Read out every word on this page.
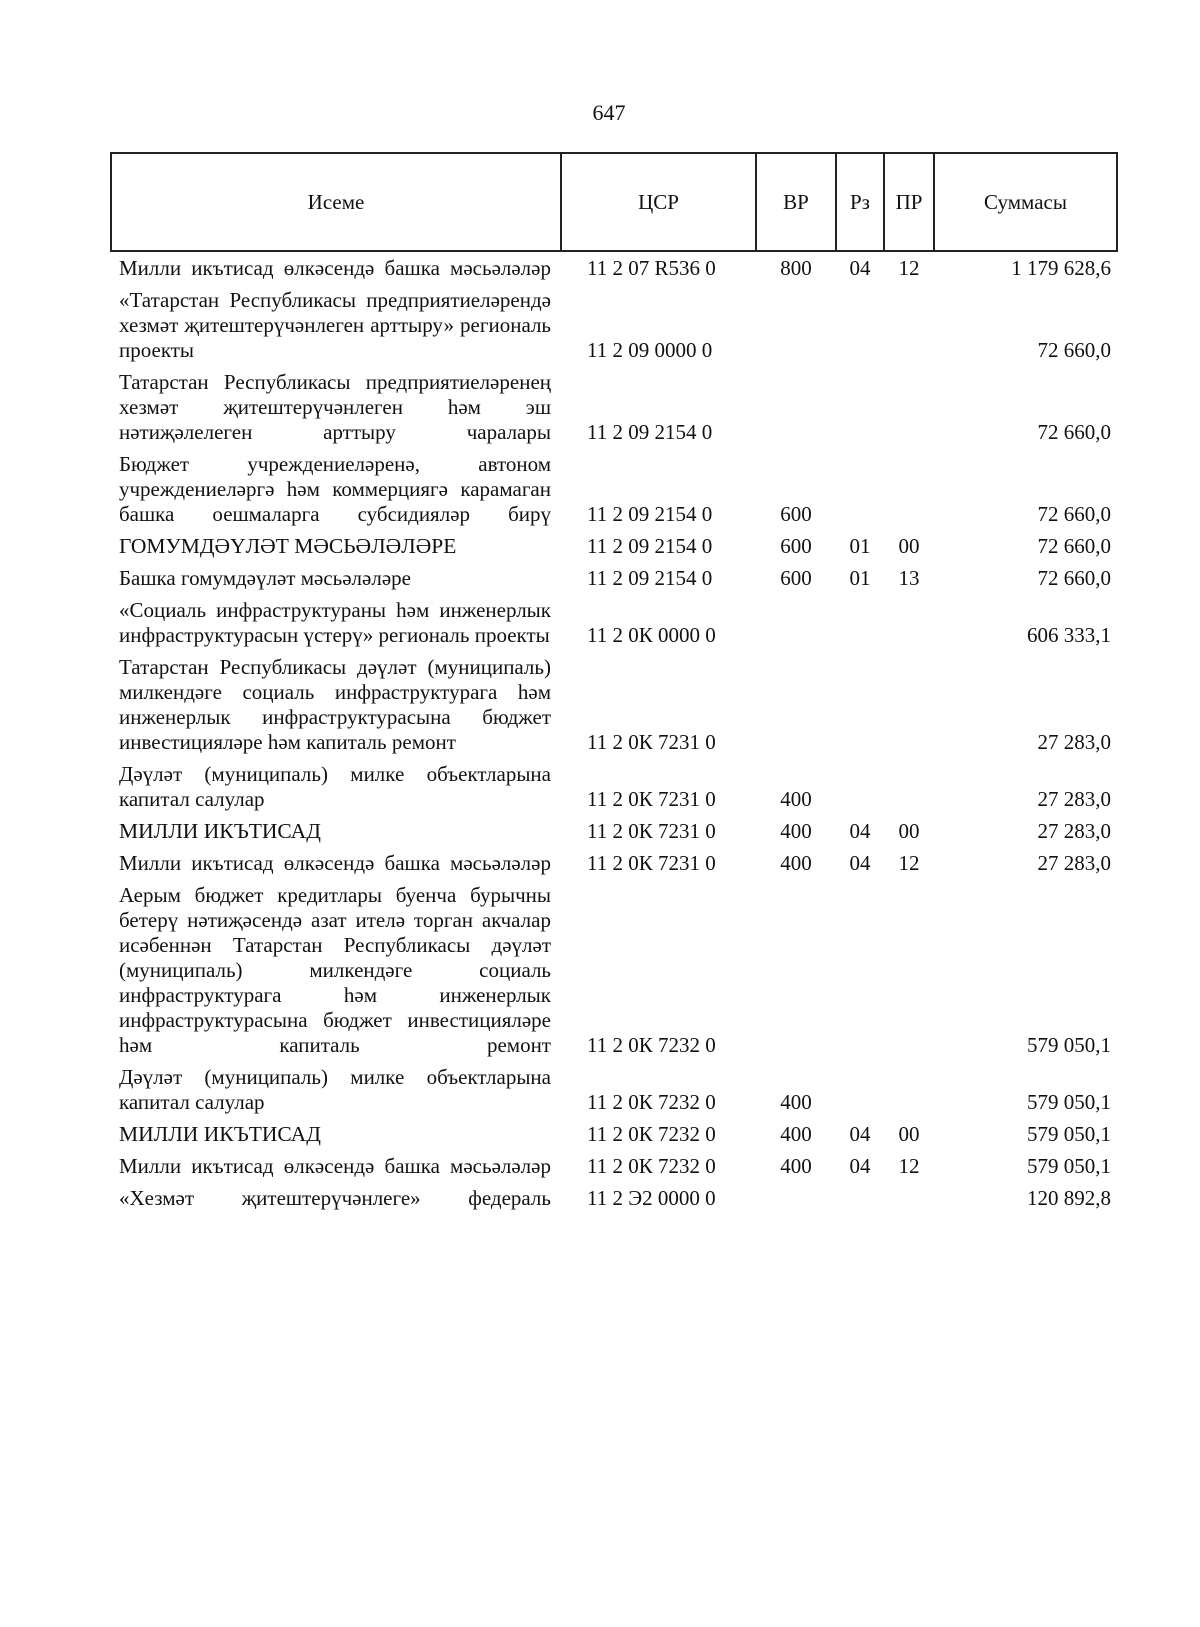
647
Исеме	ЦСР	ВР	Рз	ПР	Суммасы
Милли икътисад өлкәсендә башка мәсьәләләр	11 2 07 R536 0	800	04	12	1 179 628,6
«Татарстан Республикасы предприятиеләрендә хезмәт җитештерүчәнлеген арттыру» региональ проекты	11 2 09 0000 0				72 660,0
Татарстан Республикасы предприятиеләренең хезмәт җитештерүчәнлеген һәм эш нәтиҗәлелеген арттыру чаралары	11 2 09 2154 0				72 660,0
Бюджет учреждениеләренә, автоном учреждениеләргә һәм коммерциягә карамаган башка оешмаларга субсидияләр бирү	11 2 09 2154 0	600			72 660,0
ГОМУМДӘҮЛӘТ МӘСЬӘЛӘЛӘРЕ	11 2 09 2154 0	600	01	00	72 660,0
Башка гомумдәүләт мәсьәләләре	11 2 09 2154 0	600	01	13	72 660,0
«Социаль инфраструктураны һәм инженерлык инфраструктурасын үстерү» региональ проекты	11 2 0К 0000 0				606 333,1
Татарстан Республикасы дәүләт (муниципаль) милкендәге социаль инфраструктурага һәм инженерлык инфраструктурасына бюджет инвестицияләре һәм капиталь ремонт	11 2 0К 7231 0				27 283,0
Дәүләт (муниципаль) милке объектларына капитал салулар	11 2 0К 7231 0	400			27 283,0
МИЛЛИ ИКЪТИСАД	11 2 0К 7231 0	400	04	00	27 283,0
Милли икътисад өлкәсендә башка мәсьәләләр	11 2 0К 7231 0	400	04	12	27 283,0
Аерым бюджет кредитлары буенча бурычны бетерү нәтиҗәсендә азат ителә торган акчалар исәбеннән Татарстан Республикасы дәүләт (муниципаль) милкендәге социаль инфраструктурага һәм инженерлык инфраструктурасына бюджет инвестицияләре һәм капиталь ремонт	11 2 0К 7232 0				579 050,1
Дәүләт (муниципаль) милке объектларына капитал салулар	11 2 0К 7232 0	400			579 050,1
МИЛЛИ ИКЪТИСАД	11 2 0К 7232 0	400	04	00	579 050,1
Милли икътисад өлкәсендә башка мәсьәләләр	11 2 0К 7232 0	400	04	12	579 050,1
«Хезмәт җитештерүчәнлеге» федераль	11 2 Э2 0000 0				120 892,8
